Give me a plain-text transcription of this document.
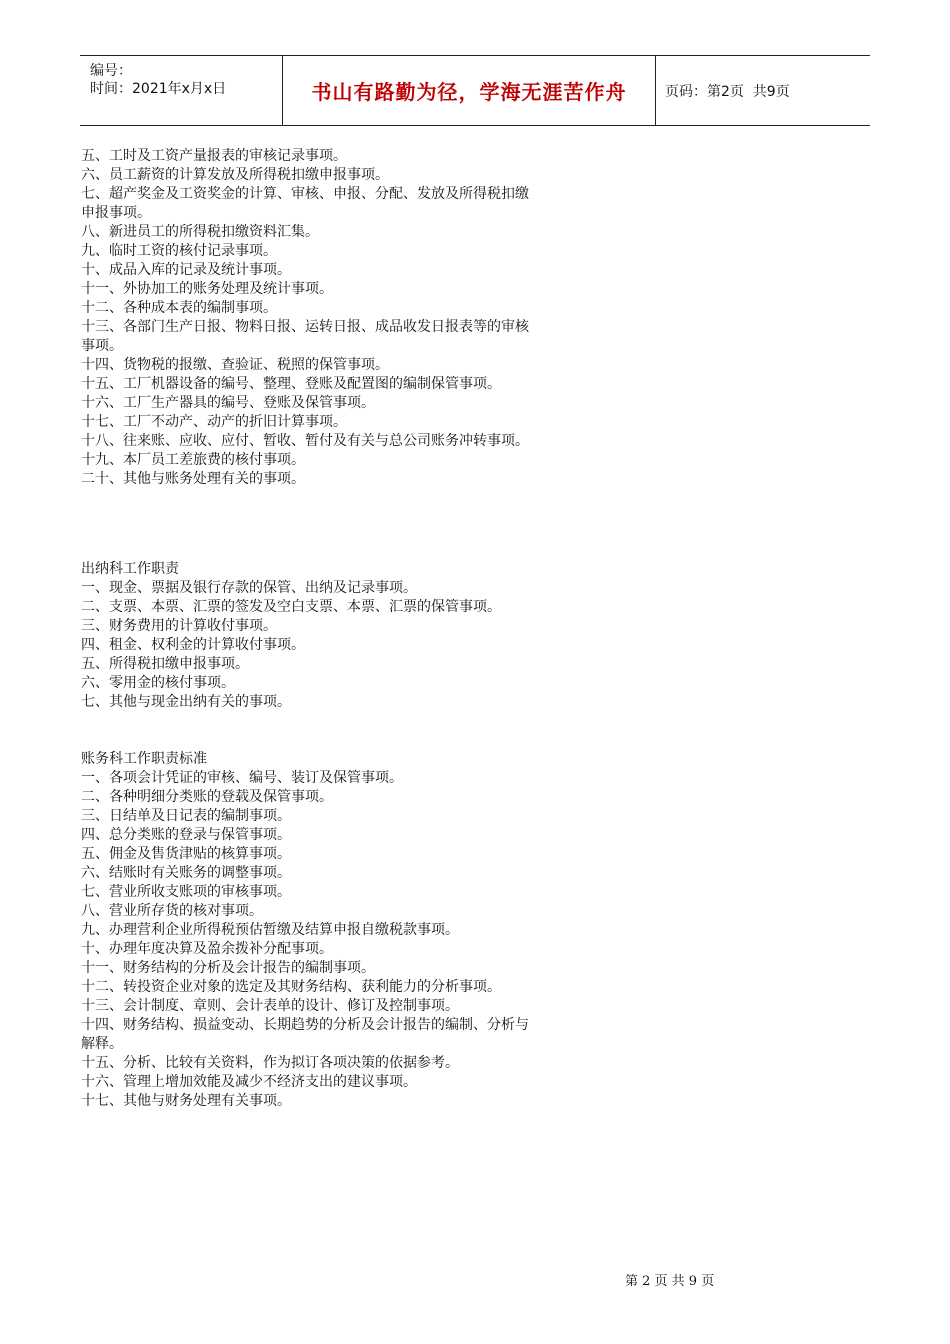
编号：
时间：2021年x月x日	书山有路勤为径，学海无涯苦作舟	页码：第2页  共9页

五、工时及工资产量报表的审核记录事项。

六、员工薪资的计算发放及所得税扣缴申报事项。

七、超产奖金及工资奖金的计算、审核、申报、分配、发放及所得税扣缴申报事项。

八、新进员工的所得税扣缴资料汇集。

九、临时工资的核付记录事项。

十、成品入库的记录及统计事项。

十一、外协加工的账务处理及统计事项。

十二、各种成本表的编制事项。

十三、各部门生产日报、物料日报、运转日报、成品收发日报表等的审核事项。

十四、货物税的报缴、查验证、税照的保管事项。

十五、工厂机器设备的编号、整理、登账及配置图的编制保管事项。

十六、工厂生产器具的编号、登账及保管事项。

十七、工厂不动产、动产的折旧计算事项。

十八、往来账、应收、应付、暂收、暂付及有关与总公司账务冲转事项。

十九、本厂员工差旅费的核付事项。

二十、其他与账务处理有关的事项。

出纳科工作职责

一、现金、票据及银行存款的保管、出纳及记录事项。

二、支票、本票、汇票的签发及空白支票、本票、汇票的保管事项。

三、财务费用的计算收付事项。

四、租金、权利金的计算收付事项。

五、所得税扣缴申报事项。

六、零用金的核付事项。

七、其他与现金出纳有关的事项。

账务科工作职责标准

一、各项会计凭证的审核、编号、装订及保管事项。

二、各种明细分类账的登载及保管事项。

三、日结单及日记表的编制事项。

四、总分类账的登录与保管事项。

五、佣金及售货津贴的核算事项。

六、结账时有关账务的调整事项。

七、营业所收支账项的审核事项。

八、营业所存货的核对事项。

九、办理营利企业所得税预估暂缴及结算申报自缴税款事项。

十、办理年度决算及盈余拨补分配事项。

十一、财务结构的分析及会计报告的编制事项。

十二、转投资企业对象的选定及其财务结构、获利能力的分析事项。

十三、会计制度、章则、会计表单的设计、修订及控制事项。

十四、财务结构、损益变动、长期趋势的分析及会计报告的编制、分析与解释。

十五、分析、比较有关资料，作为拟订各项决策的依据参考。

十六、管理上增加效能及减少不经济支出的建议事项。

十七、其他与财务处理有关事项。

第 2 页 共 9 页
